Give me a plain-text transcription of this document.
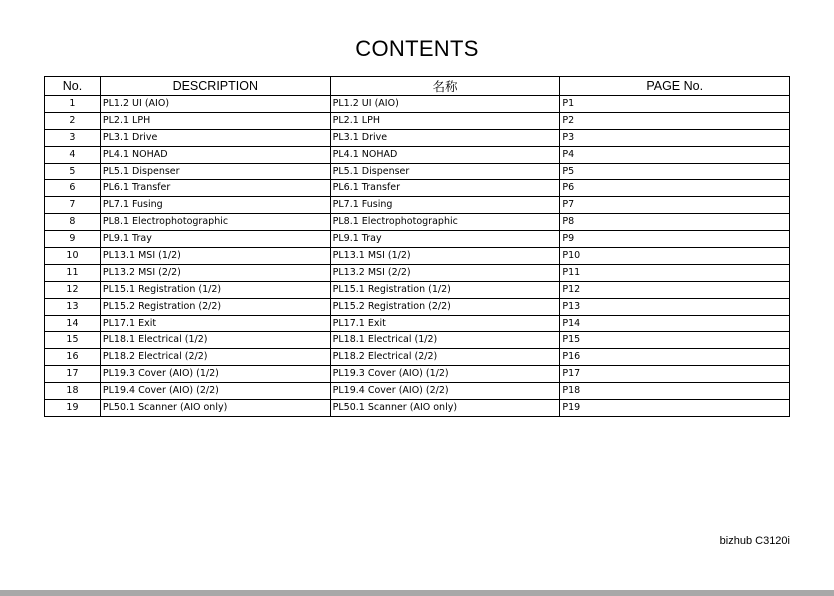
CONTENTS
No.	DESCRIPTION	名称	PAGE No.
1	PL1.2 UI (AIO)	PL1.2 UI (AIO)	P1
2	PL2.1 LPH	PL2.1 LPH	P2
3	PL3.1 Drive	PL3.1 Drive	P3
4	PL4.1 NOHAD	PL4.1 NOHAD	P4
5	PL5.1 Dispenser	PL5.1 Dispenser	P5
6	PL6.1 Transfer	PL6.1 Transfer	P6
7	PL7.1 Fusing	PL7.1 Fusing	P7
8	PL8.1 Electrophotographic	PL8.1 Electrophotographic	P8
9	PL9.1 Tray	PL9.1 Tray	P9
10	PL13.1 MSI (1/2)	PL13.1 MSI (1/2)	P10
11	PL13.2 MSI (2/2)	PL13.2 MSI (2/2)	P11
12	PL15.1 Registration (1/2)	PL15.1 Registration (1/2)	P12
13	PL15.2 Registration (2/2)	PL15.2 Registration (2/2)	P13
14	PL17.1 Exit	PL17.1 Exit	P14
15	PL18.1 Electrical (1/2)	PL18.1 Electrical (1/2)	P15
16	PL18.2 Electrical (2/2)	PL18.2 Electrical (2/2)	P16
17	PL19.3 Cover (AIO) (1/2)	PL19.3 Cover (AIO) (1/2)	P17
18	PL19.4 Cover (AIO) (2/2)	PL19.4 Cover (AIO) (2/2)	P18
19	PL50.1 Scanner (AIO only)	PL50.1 Scanner (AIO only)	P19
bizhub C3120i
